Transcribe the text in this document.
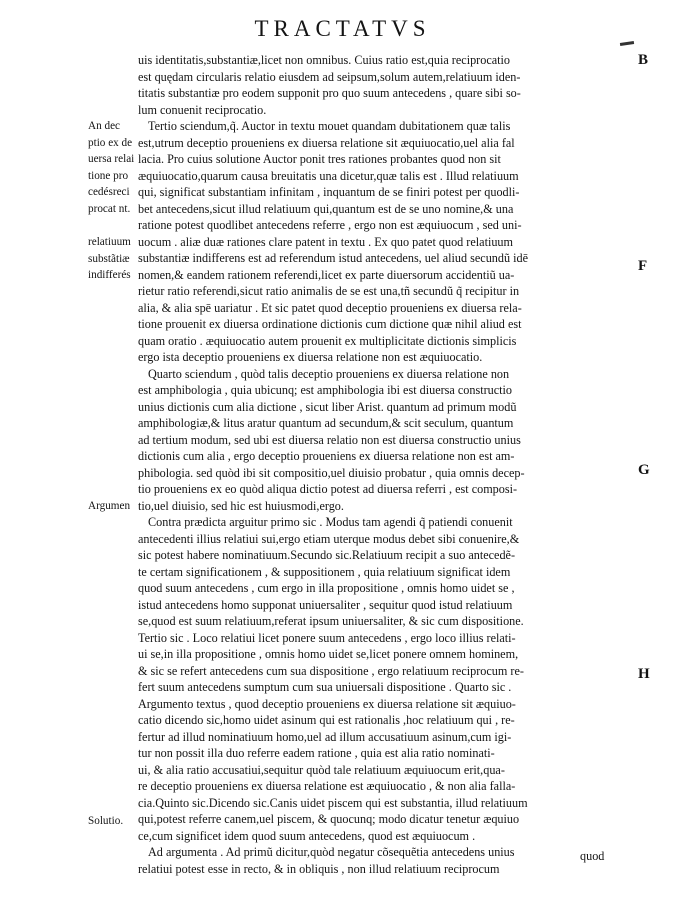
TRACTATVS
B
F
G
H
An dec
ptio ex de
uersa relai
tione pro
cedésreci
procat nt.
relatiuum
substãtiæ
indifferés
Argumen
Solutio.
uis identitatis,substantiæ,licet non omnibus. Cuius ratio est,quia reciprocatio
est quędam circularis relatio eiusdem ad seipsum,solum autem,relatiuum iden-
titatis substantiæ pro eodem supponit pro quo suum antecedens , quare sibi so-
lum conuenit reciprocatio.
Tertio sciendum,q̃. Auctor in textu mouet quandam dubitationem quæ talis
est,utrum deceptio proueniens ex diuersa relatione sit æquiuocatio,uel alia fal
lacia. Pro cuius solutione Auctor ponit tres rationes probantes quod non sit
æquiuocatio,quarum causa breuitatis una dicetur,quæ talis est . Illud relatiuum
qui, significat substantiam infinitam , inquantum de se finiri potest per quodli-
bet antecedens,sicut illud relatiuum qui,quantum est de se uno nomine,& una
ratione potest quodlibet antecedens referre , ergo non est æquiuocum , sed uni-
uocum . aliæ duæ rationes clare patent in textu . Ex quo patet quod relatiuum
substantiæ indifferens est ad referendum istud antecedens, uel aliud secundũ idē
nomen,& eandem rationem referendi,licet ex parte diuersorum accidentiũ ua-
rietur ratio referendi,sicut ratio animalis de se est una,tñ secundũ q̃ recipitur in
alia, & alia spē uariatur . Et sic patet quod deceptio proueniens ex diuersa rela-
tione prouenit ex diuersa ordinatione dictionis cum dictione quæ nihil aliud est
quam oratio . æquiuocatio autem prouenit ex multiplicitate dictionis simplicis
ergo ista deceptio proueniens ex diuersa relatione non est æquiuocatio.
Quarto sciendum , quòd talis deceptio proueniens ex diuersa relatione non
est amphibologia , quia ubicunq; est amphibologia ibi est diuersa constructio
unius dictionis cum alia dictione , sicut liber Arist. quantum ad primum modũ
amphibologiæ,& litus aratur quantum ad secundum,& scit seculum, quantum
ad tertium modum, sed ubi est diuersa relatio non est diuersa constructio unius
dictionis cum alia , ergo deceptio proueniens ex diuersa relatione non est am-
phibologia. sed quòd ibi sit compositio,uel diuisio probatur , quia omnis decep-
tio proueniens ex eo quòd aliqua dictio potest ad diuersa referri , est composi-
tio,uel diuisio, sed hic est huiusmodi,ergo.
Contra prædicta arguitur primo sic . Modus tam agendi q̃ patiendi conuenit
antecedenti illius relatiui sui,ergo etiam uterque modus debet sibi conuenire,&
sic potest habere nominatiuum.Secundo sic.Relatiuum recipit a suo antecedẽ-
te certam significationem , & suppositionem , quia relatiuum significat idem
quod suum antecedens , cum ergo in illa propositione , omnis homo uidet se ,
istud antecedens homo supponat uniuersaliter , sequitur quod istud relatiuum
se,quod est suum relatiuum,referat ipsum uniuersaliter, & sic cum dispositione.
Tertio sic . Loco relatiui licet ponere suum antecedens , ergo loco illius relati-
ui se,in illa propositione , omnis homo uidet se,licet ponere omnem hominem,
& sic se refert antecedens cum sua dispositione , ergo relatiuum reciprocum re-
fert suum antecedens sumptum cum sua uniuersali dispositione . Quarto sic .
Argumento textus , quod deceptio proueniens ex diuersa relatione sit æquiuo-
catio dicendo sic,homo uidet asinum qui est rationalis ,hoc relatiuum qui , re-
fertur ad illud nominatiuum homo,uel ad illum accusatiuum asinum,cum igi-
tur non possit illa duo referre eadem ratione , quia est alia ratio nominati-
ui, & alia ratio accusatiui,sequitur quòd tale relatiuum æquiuocum erit,qua-
re deceptio proueniens ex diuersa relatione est æquiuocatio , & non alia falla-
cia.Quinto sic.Dicendo sic.Canis uidet piscem qui est substantia, illud relatiuum
qui,potest referre canem,uel piscem, & quocunq; modo dicatur tenetur æquiuo
ce,cum significet idem quod suum antecedens, quod est æquiuocum .
Ad argumenta . Ad primũ dicitur,quòd negatur cõsequẽtia antecedens unius
relatiui potest esse in recto, & in obliquis , non illud relatiuum reciprocum
quod
